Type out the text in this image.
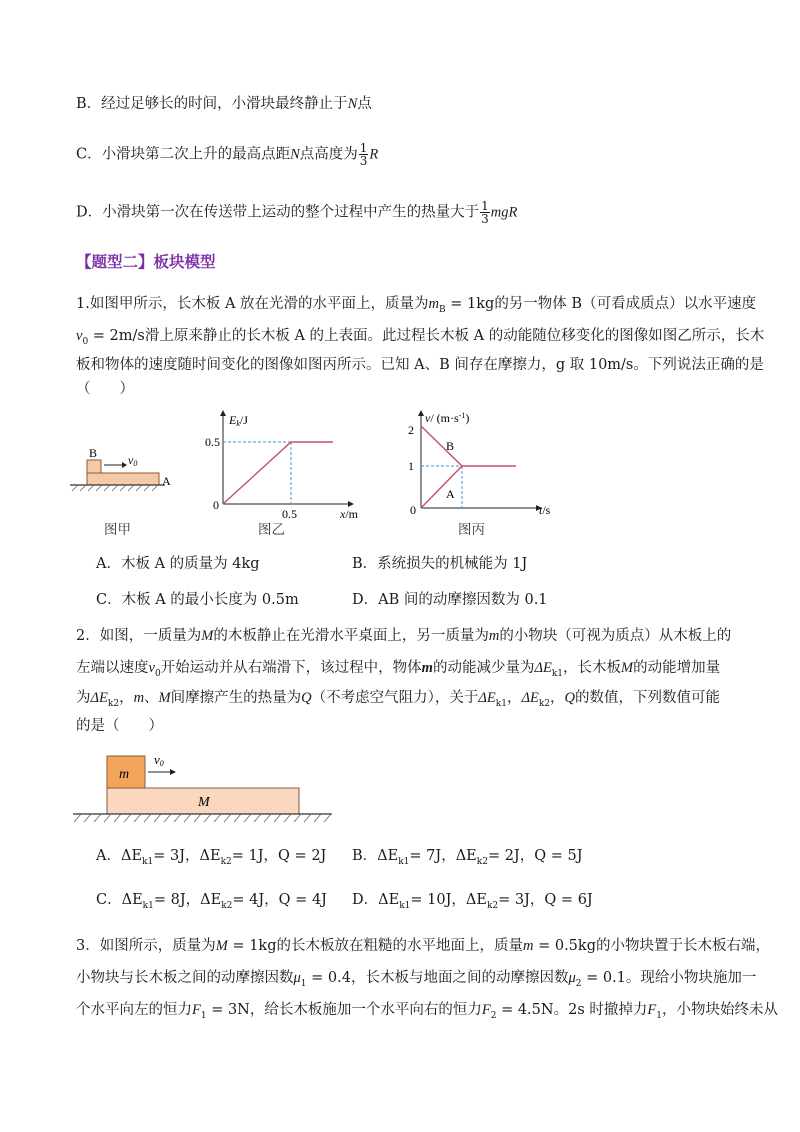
B．经过足够长的时间，小滑块最终静止于N点
C．小滑块第二次上升的最高点距N点高度为 $\frac{1}{3}$ R
D．小滑块第一次在传送带上运动的整个过程中产生的热量大于 $\frac{1}{3}$ mgR
【题型二】板块模型
1.如图甲所示，长木板 A 放在光滑的水平面上，质量为$m_B = 1kg$的另一物体 B（可看成质点）以水平速度
$v_0 = 2m/s$滑上原来静止的长木板 A 的上表面。此过程长木板 A 的动能随位移变化的图像如图乙所示，长木
板和物体的速度随时间变化的图像如图丙所示。已知 A、B 间存在摩擦力，g 取 10m/s。下列说法正确的是
（　　）
B
A
v0
图甲
Ek/J
0.5
0
0.5	x/m
图乙
v/ $(m\cdot s^{-1})$
2
1
0
B
A
t/s
图丙
A．木板 A 的质量为 4kg	B．系统损失的机械能为 1J
C．木板 A 的最小长度为 0.5m	D．AB 间的动摩擦因数为 0.1
2．如图，一质量为M的木板静止在光滑水平桌面上，另一质量为m的小物块（可视为质点）从木板上的
左端以速度$v_0$开始运动并从右端滑下，该过程中，物体m的动能减少量为$\Delta E_{k1}$，长木板M的动能增加量
为$\Delta E_{k2}$，m、M间摩擦产生的热量为Q（不考虑空气阻力），关于$\Delta E_{k1}$，$\Delta E_{k2}$，Q的数值，下列数值可能
的是（　　）
v0
m
M
A．$\Delta E_{k1}= 3J$，$\Delta E_{k2}= 1J$，Q = 2J B．$\Delta E_{k1}= 7J$，$\Delta E_{k2}= 2J$，Q = 5J
C．$\Delta E_{k1}= 8J$，$\Delta E_{k2}= 4J$，Q = 4J D．$\Delta E_{k1}= 10J$，$\Delta E_{k2}= 3J$，Q = 6J
3．如图所示，质量为M = 1kg的长木板放在粗糙的水平地面上，质量m = 0.5kg的小物块置于长木板右端，
小物块与长木板之间的动摩擦因数$\mu_1 = 0.4$，长木板与地面之间的动摩擦因数$\mu_2 = 0.1$。现给小物块施加一
个水平向左的恒力$F_1 = 3N$，给长木板施加一个水平向右的恒力$F_2 = 4.5N$。2s 时撤掉力$F_1$，小物块始终未从
